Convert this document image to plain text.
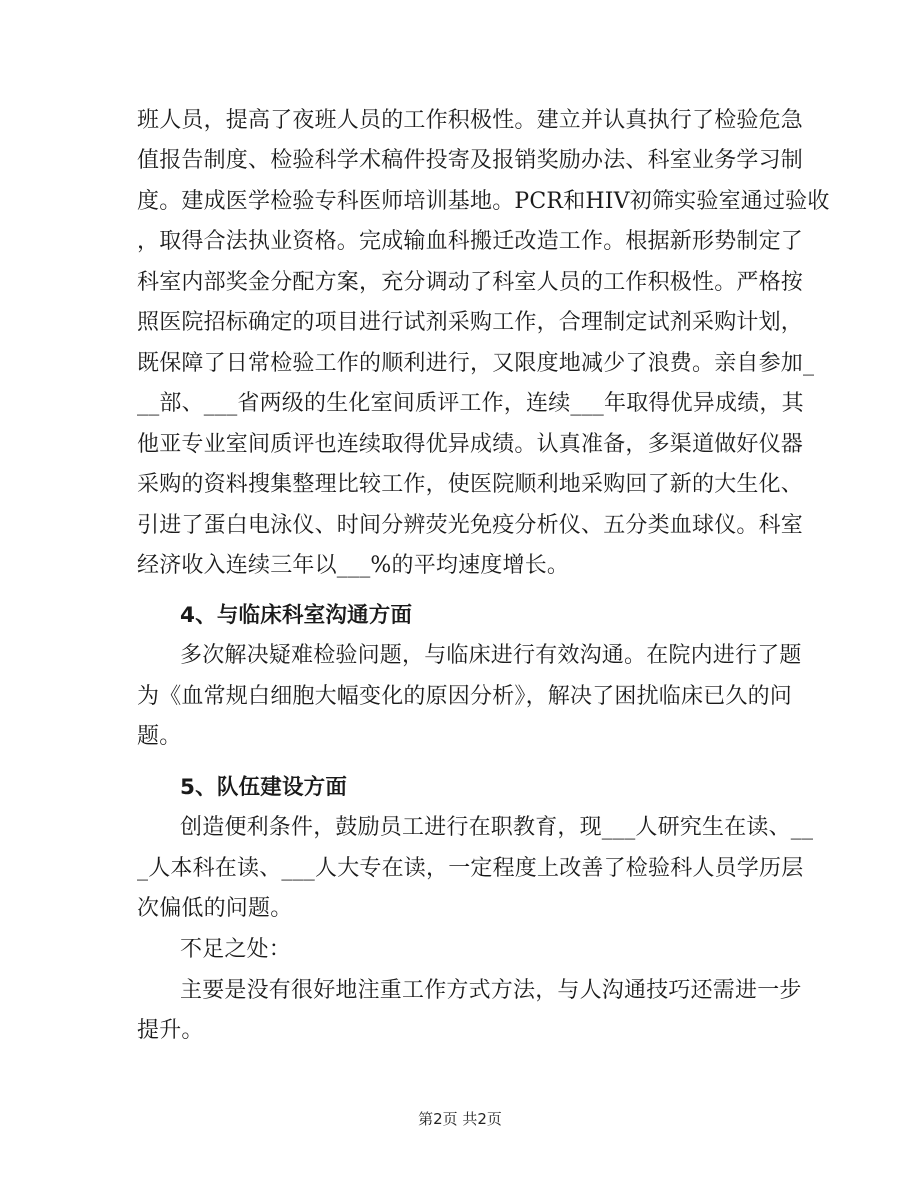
班人员，提高了夜班人员的工作积极性。建立并认真执行了检验危急
值报告制度、检验科学术稿件投寄及报销奖励办法、科室业务学习制
度。建成医学检验专科医师培训基地。PCR和HIV初筛实验室通过验收
，取得合法执业资格。完成输血科搬迁改造工作。根据新形势制定了
科室内部奖金分配方案，充分调动了科室人员的工作积极性。严格按
照医院招标确定的项目进行试剂采购工作，合理制定试剂采购计划，
既保障了日常检验工作的顺利进行，又限度地减少了浪费。亲自参加_
__部、___省两级的生化室间质评工作，连续___年取得优异成绩，其
他亚专业室间质评也连续取得优异成绩。认真准备，多渠道做好仪器
采购的资料搜集整理比较工作，使医院顺利地采购回了新的大生化、
引进了蛋白电泳仪、时间分辨荧光免疫分析仪、五分类血球仪。科室
经济收入连续三年以___%的平均速度增长。
4、与临床科室沟通方面
多次解决疑难检验问题，与临床进行有效沟通。在院内进行了题
为《血常规白细胞大幅变化的原因分析》，解决了困扰临床已久的问
题。
5、队伍建设方面
创造便利条件，鼓励员工进行在职教育，现___人研究生在读、__
_人本科在读、___人大专在读，一定程度上改善了检验科人员学历层
次偏低的问题。
不足之处：
主要是没有很好地注重工作方式方法，与人沟通技巧还需进一步
提升。
第2页 共2页
